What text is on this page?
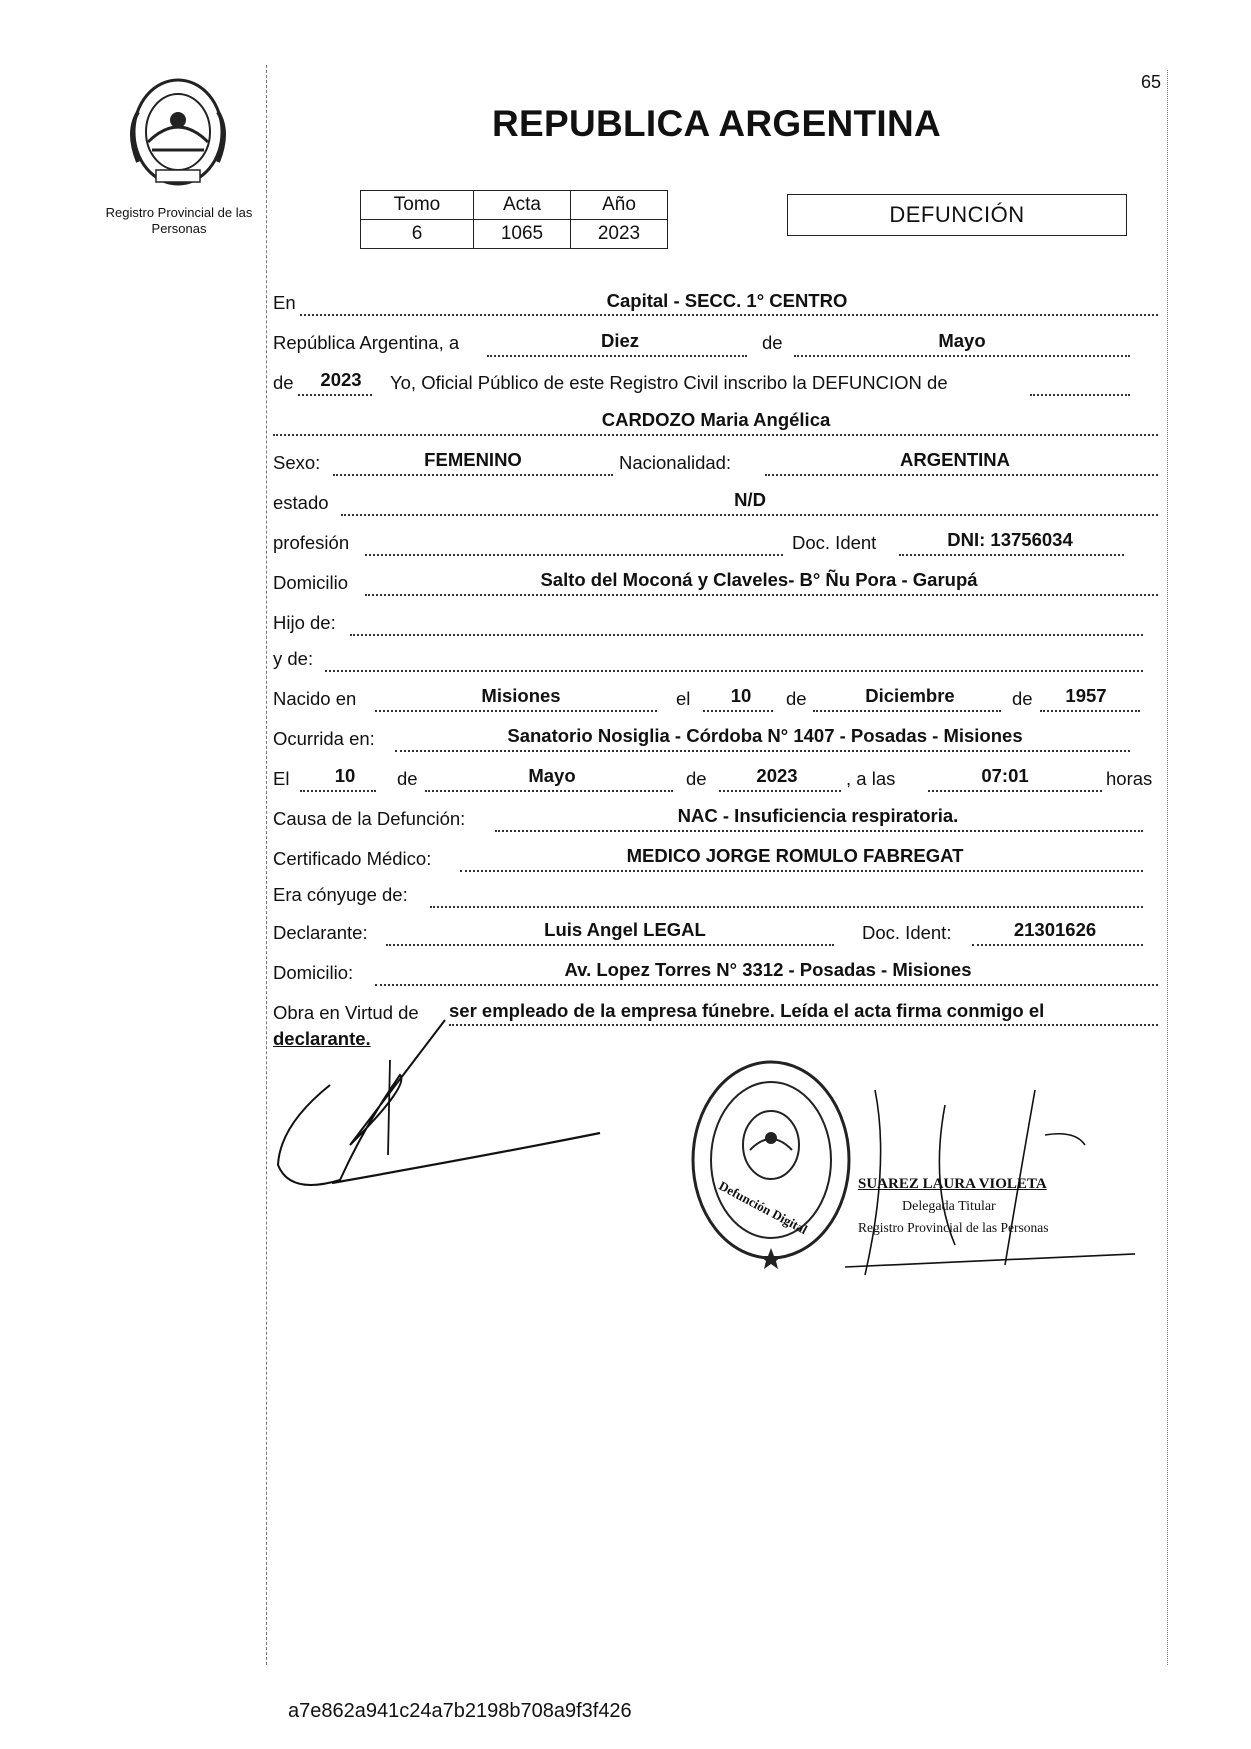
Registro Provincial de las Personas
65
REPUBLICA ARGENTINA
Tomo	Acta	Año
6	1065	2023
DEFUNCIÓN
En	Capital - SECC. 1° CENTRO
República Argentina, a	Diez	de	Mayo
de 2023 Yo, Oficial Público de este Registro Civil inscribo la DEFUNCION de
CARDOZO Maria Angélica
Sexo:	FEMENINO	Nacionalidad:	ARGENTINA
estado	N/D
profesión	Doc. Ident	DNI: 13756034
Domicilio	Salto del Moconá y Claveles- B° Ñu Pora - Garupá
Hijo de:
y de:
Nacido en	Misiones	el 10 de	Diciembre	de 1957
Ocurrida en:	Sanatorio Nosiglia - Córdoba N° 1407 - Posadas - Misiones
El 10 de	Mayo	de	2023	, a las	07:01	horas
Causa de la Defunción:	NAC - Insuficiencia respiratoria.
Certificado Médico:	MEDICO JORGE ROMULO FABREGAT
Era cónyuge de:
Declarante:	Luis Angel LEGAL	Doc. Ident:	21301626
Domicilio:	Av. Lopez Torres N° 3312 - Posadas - Misiones
Obra en Virtud de ser empleado de la empresa fúnebre. Leída el acta firma conmigo el
declarante.
Defunción Digital	SUAREZ LAURA VIOLETA
Delegada Titular
Registro Provincial de las Personas
a7e862a941c24a7b2198b708a9f3f426
